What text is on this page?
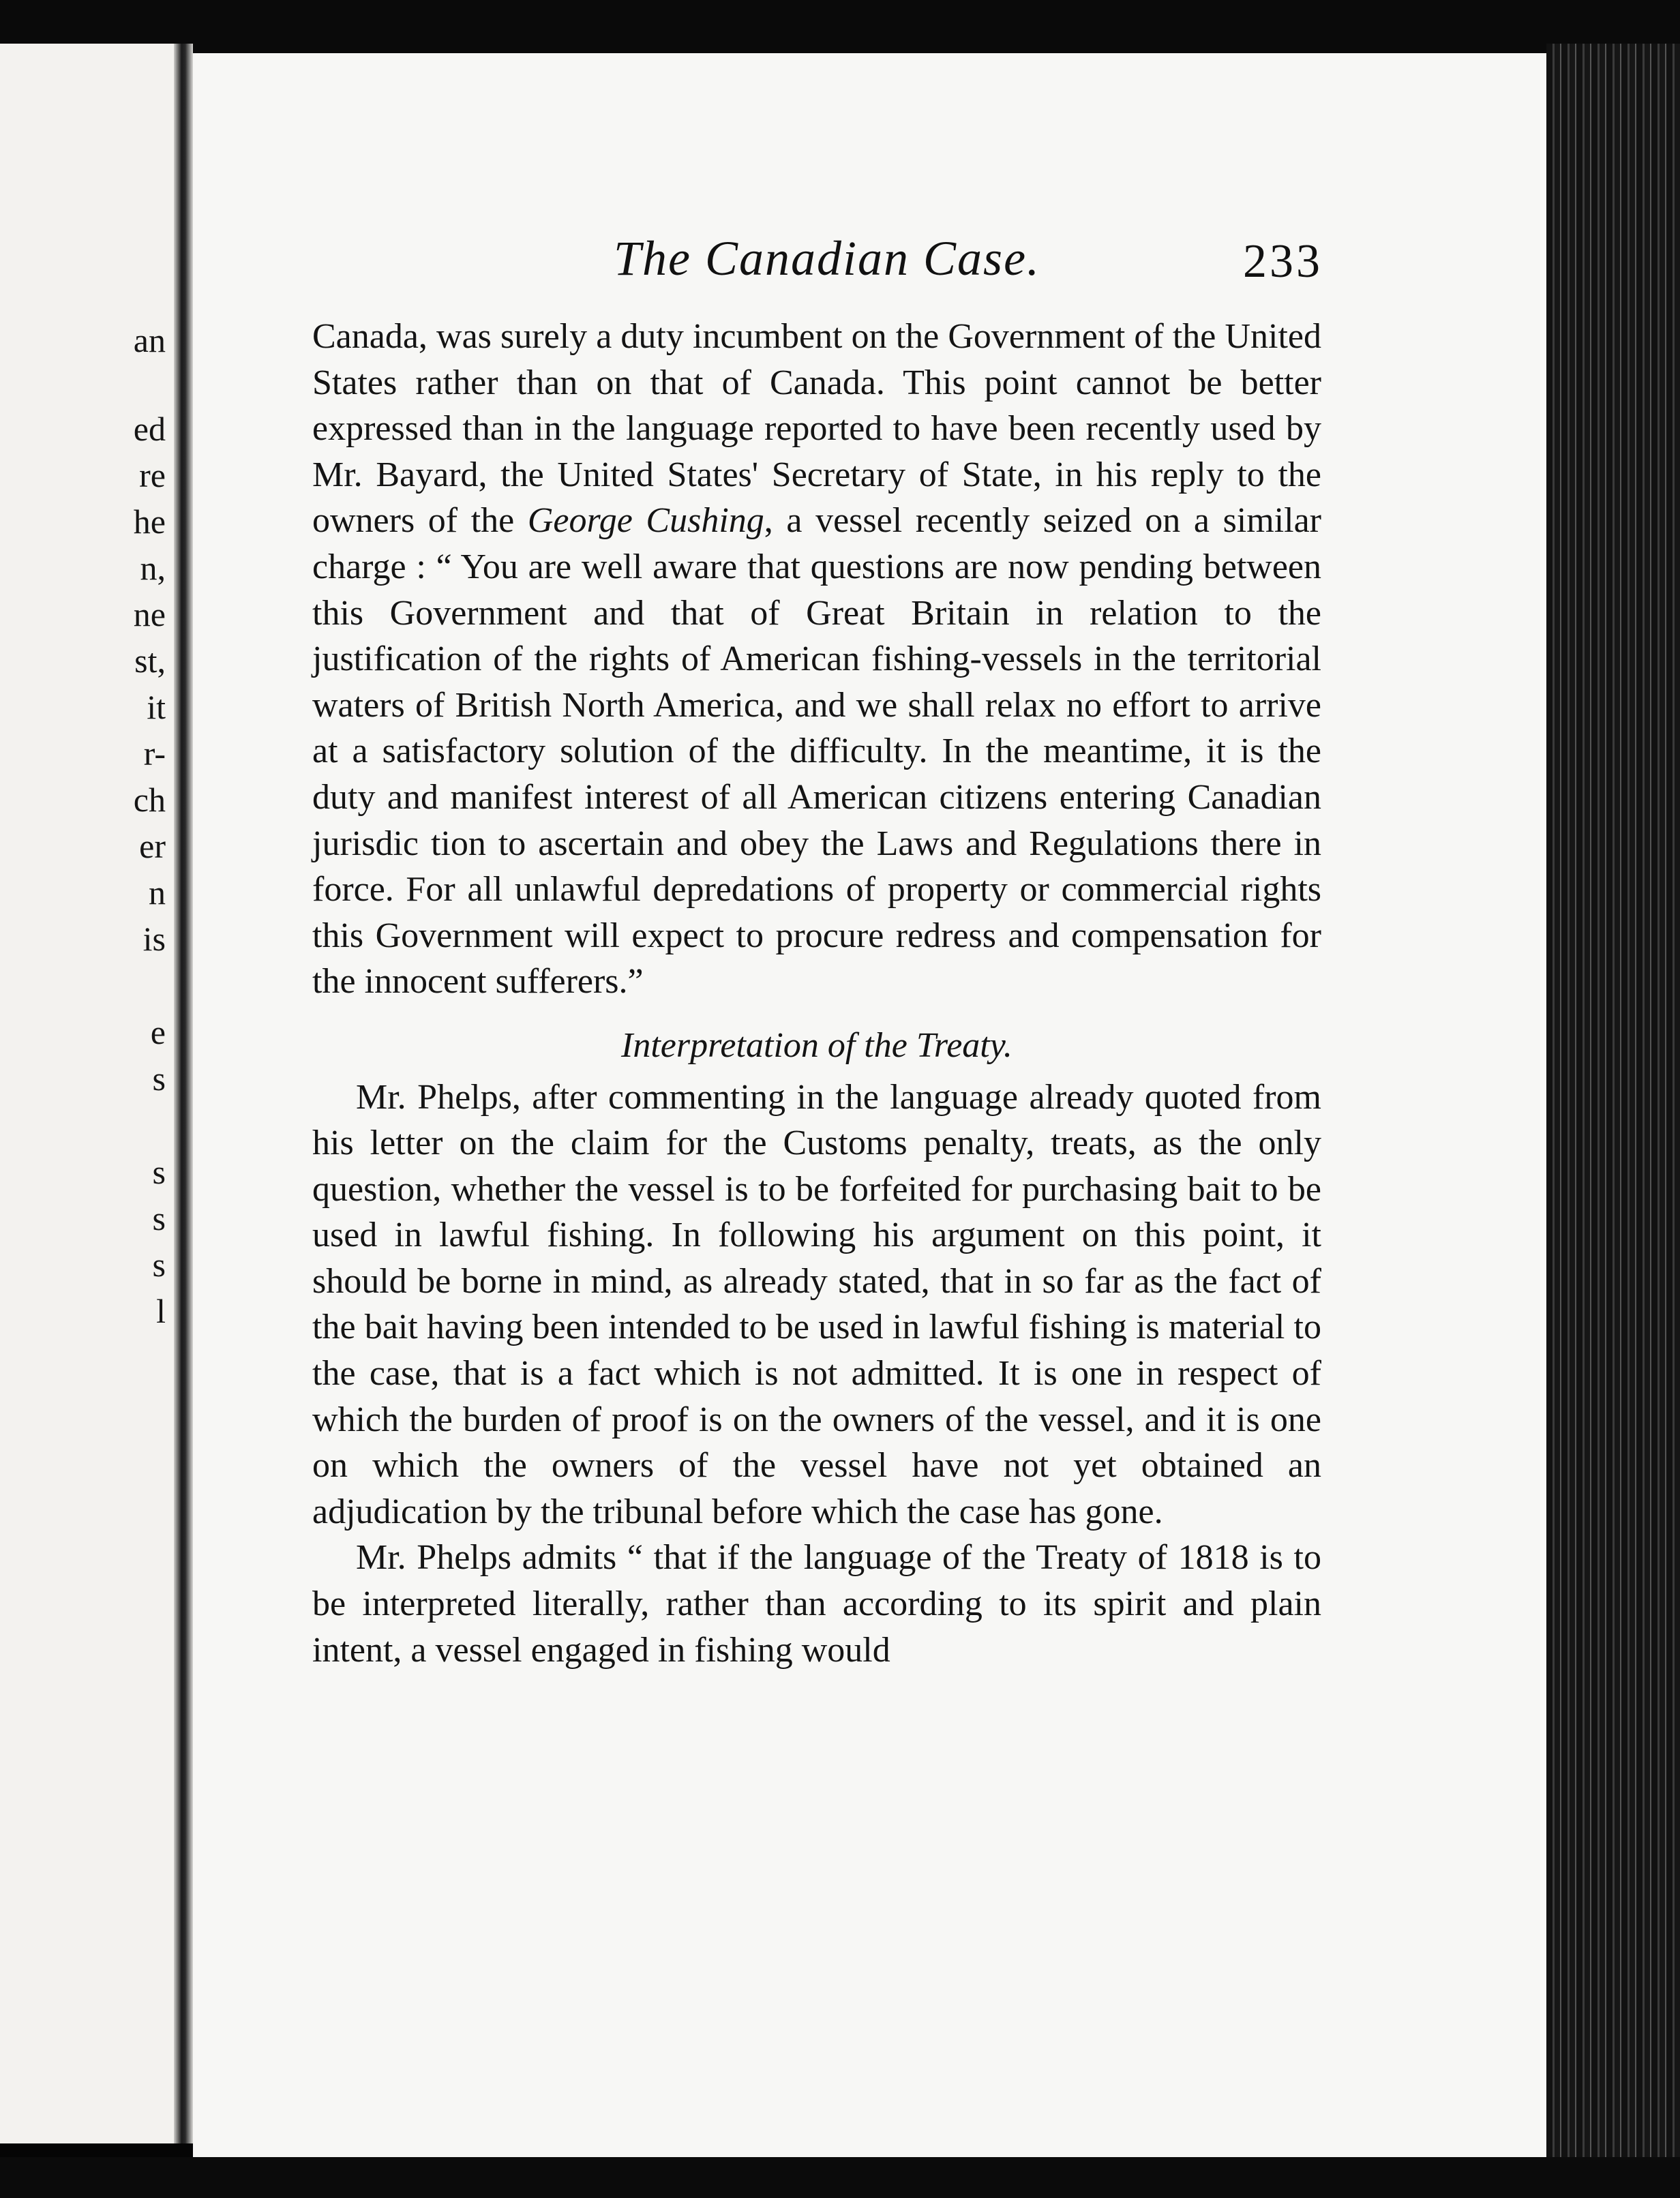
an
ed
re
he
n,
ne
st,
it
r-
ch
er
n
is
e
s
s
s
s
l
The Canadian Case.	233

Canada, was surely a duty incumbent on the Government of the United States rather than on that of Canada. This point cannot be better expressed than in the language reported to have been recently used by Mr. Bayard, the United States' Secretary of State, in his reply to the owners of the George Cushing, a vessel recently seized on a similar charge : “ You are well aware that questions are now pending between this Government and that of Great Britain in relation to the justification of the rights of American fishing-vessels in the territorial waters of British North America, and we shall relax no effort to arrive at a satisfactory solution of the difficulty. In the meantime, it is the duty and manifest interest of all American citizens entering Canadian jurisdic tion to ascertain and obey the Laws and Regulations there in force. For all unlawful depredations of property or commercial rights this Government will expect to procure redress and compensation for the innocent sufferers.”

Interpretation of the Treaty.

Mr. Phelps, after commenting in the language already quoted from his letter on the claim for the Customs penalty, treats, as the only question, whether the vessel is to be forfeited for purchasing bait to be used in lawful fishing. In following his argument on this point, it should be borne in mind, as already stated, that in so far as the fact of the bait having been intended to be used in lawful fishing is material to the case, that is a fact which is not admitted. It is one in respect of which the burden of proof is on the owners of the vessel, and it is one on which the owners of the vessel have not yet obtained an adjudication by the tribunal before which the case has gone.

Mr. Phelps admits “ that if the language of the Treaty of 1818 is to be interpreted literally, rather than according to its spirit and plain intent, a vessel engaged in fishing would
